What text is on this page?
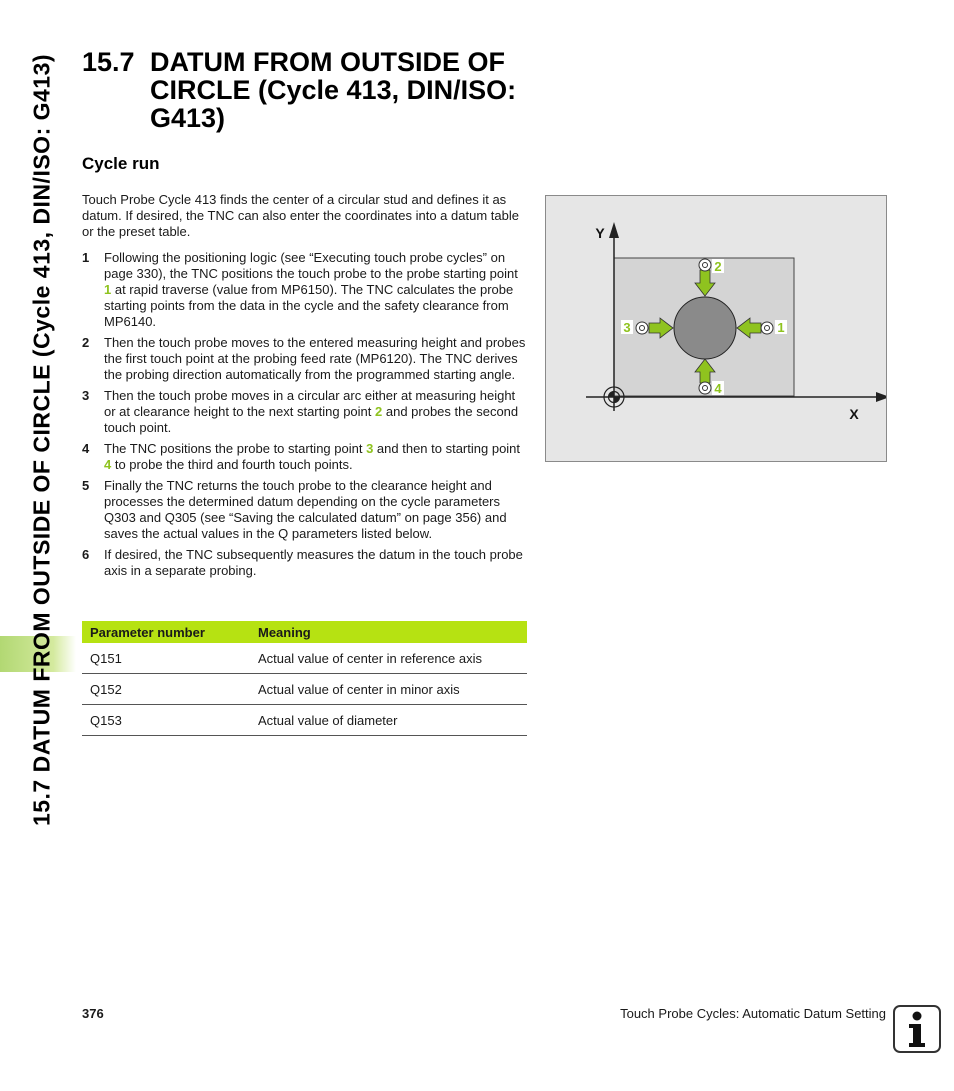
15.7 DATUM FROM OUTSIDE OF CIRCLE (Cycle 413, DIN/ISO: G413) 15.7 DATUM FROM OUTSIDE OF CIRCLE (Cycle 413, DIN/ISO: G413)
Cycle run

Touch Probe Cycle 413 finds the center of a circular stud and defines it as datum. If desired, the TNC can also enter the coordinates into a datum table or the preset table.

1 Following the positioning logic (see “Executing touch probe cycles” on page 330), the TNC positions the touch probe to the probe starting point 1 at rapid traverse (value from MP6150). The TNC calculates the probe starting points from the data in the cycle and the safety clearance from MP6140.
2 Then the touch probe moves to the entered measuring height and probes the first touch point at the probing feed rate (MP6120). The TNC derives the probing direction automatically from the programmed starting angle.
3 Then the touch probe moves in a circular arc either at measuring height or at clearance height to the next starting point 2 and probes the second touch point.
4 The TNC positions the probe to starting point 3 and then to starting point 4 to probe the third and fourth touch points.
5 Finally the TNC returns the touch probe to the clearance height and processes the determined datum depending on the cycle parameters Q303 and Q305 (see “Saving the calculated datum” on page 356) and saves the actual values in the Q parameters listed below.
6 If desired, the TNC subsequently measures the datum in the touch probe axis in a separate probing.
Parameter number	Meaning
Q151	Actual value of center in reference axis
Q152	Actual value of center in minor axis
Q153	Actual value of diameter
2
4
3	1
Y
X
376	Touch Probe Cycles: Automatic Datum Setting
